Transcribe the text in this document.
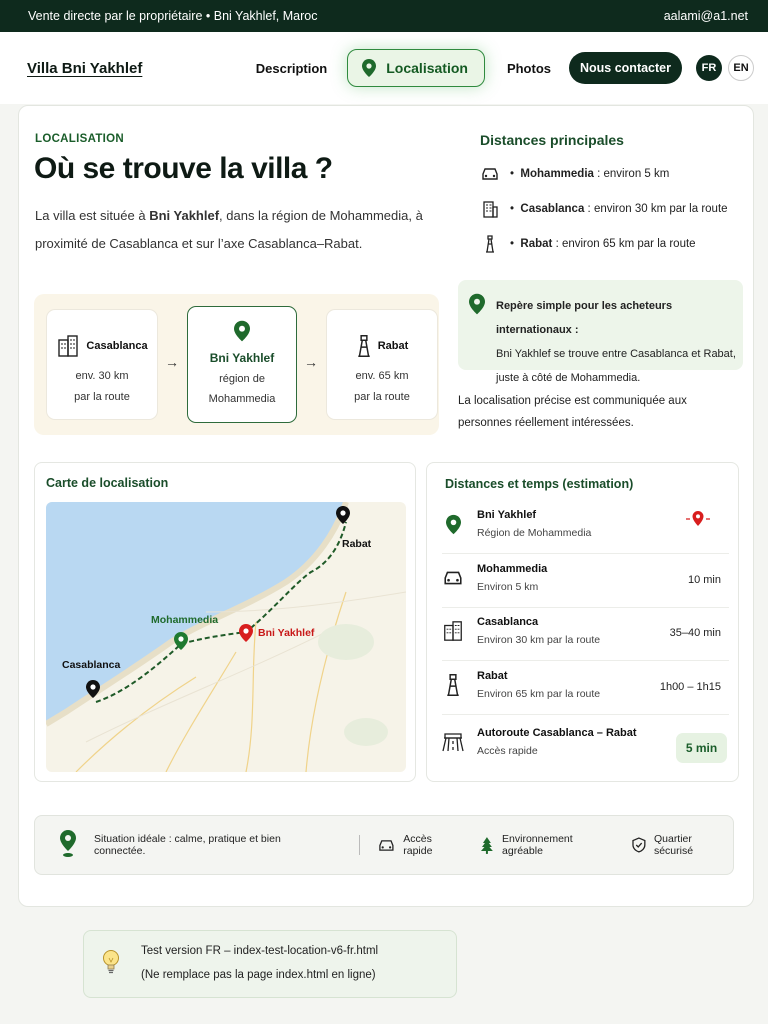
Vente directe par le propriétaire • Bni Yakhlef, Maroc	aalami@a1.net
Villa Bni Yakhlef	Description	Localisation	Photos	Nous contacter	FR	EN
LOCALISATION
Où se trouve la villa ?
La villa est située à Bni Yakhlef, dans la région de Mohammedia, à proximité de Casablanca et sur l’axe Casablanca–Rabat.
Distances principales
•  Mohammedia : environ 5 km
•  Casablanca : environ 30 km par la route
•  Rabat : environ 65 km par la route
Casablanca
env. 30 km
par la route
→	Bni Yakhlef
région de
Mohammedia
→
Rabat
env. 65 km
par la route
Repère simple pour les acheteurs internationaux :
Bni Yakhlef se trouve entre Casablanca et Rabat, juste à côté de Mohammedia.
La localisation précise est communiquée aux personnes réellement intéressées.
Carte de localisation
Rabat
Mohammedia
Bni Yakhlef
Casablanca
Distances et temps (estimation)
Bni Yakhlef
Région de Mohammedia
Mohammedia
Environ 5 km
10 min
Casablanca
Environ 30 km par la route
35–40 min
Rabat
Environ 65 km par la route
1h00 – 1h15
Autoroute Casablanca – Rabat
Accès rapide	5 min
Situation idéale : calme, pratique et bien connectée.
Accès rapide
Environnement agréable
Quartier sécurisé
Test version FR – index-test-location-v6-fr.html
(Ne remplace pas la page index.html en ligne)
